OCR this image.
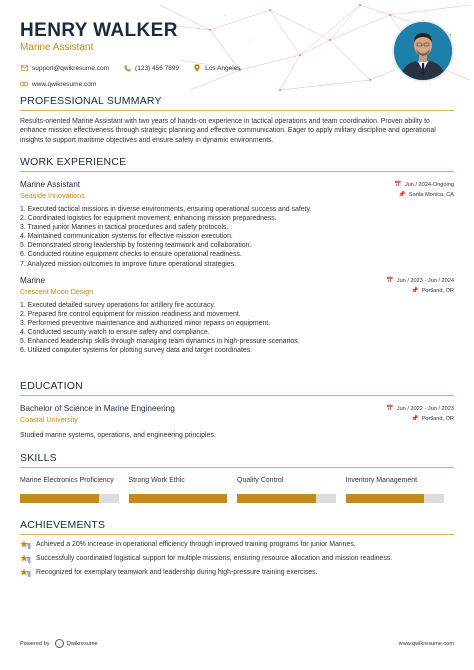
HENRY WALKER
Marine Assistant
support@qwikresume.com	(123) 456 7899	Los Angeles
www.qwikresume.com
PROFESSIONAL SUMMARY
Results-oriented Marine Assistant with two years of hands-on experience in tactical operations and team coordination. Proven ability to enhance mission effectiveness through strategic planning and effective communication. Eager to apply military discipline and operational insights to support maritime objectives and ensure safety in dynamic environments.
WORK EXPERIENCE
Marine Assistant
Seaside Innovations
📅 Jun / 2024-Ongoing
📌 Santa Monica, CA
1. Executed tactical missions in diverse environments, ensuring operational success and safety.
2. Coordinated logistics for equipment movement, enhancing mission preparedness.
3. Trained junior Marines in tactical procedures and safety protocols.
4. Maintained communication systems for effective mission execution.
5. Demonstrated strong leadership by fostering teamwork and collaboration.
6. Conducted routine equipment checks to ensure operational readiness.
7. Analyzed mission outcomes to improve future operational strategies.
Marine
Crescent Moon Design
📅 Jun / 2023 - Jun / 2024
📌 Portland, OR
1. Executed detailed survey operations for artillery fire accuracy.
2. Prepared fire control equipment for mission readiness and movement.
3. Performed preventive maintenance and authorized minor repairs on equipment.
4. Conducted security watch to ensure safety and compliance.
5. Enhanced leadership skills through managing team dynamics in high-pressure scenarios.
6. Utilized computer systems for plotting survey data and target coordinates.
EDUCATION
Bachelor of Science in Marine Engineering
Coastal University
📅 Jun / 2022 - Jun / 2023
📌 Portland, OR
Studied marine systems, operations, and engineering principles.
SKILLS
Marine Electronics Proficiency	Strong Work Ethic	Quality Control	Inventory Management
ACHIEVEMENTS
Achieved a 20% increase in operational efficiency through improved training programs for junior Marines.
Successfully coordinated logistical support for multiple missions, ensuring resource allocation and mission readiness.
Recognized for exemplary teamwork and leadership during high-pressure training exercises.
Powered by	Qwikresume	www.qwikresume.com
